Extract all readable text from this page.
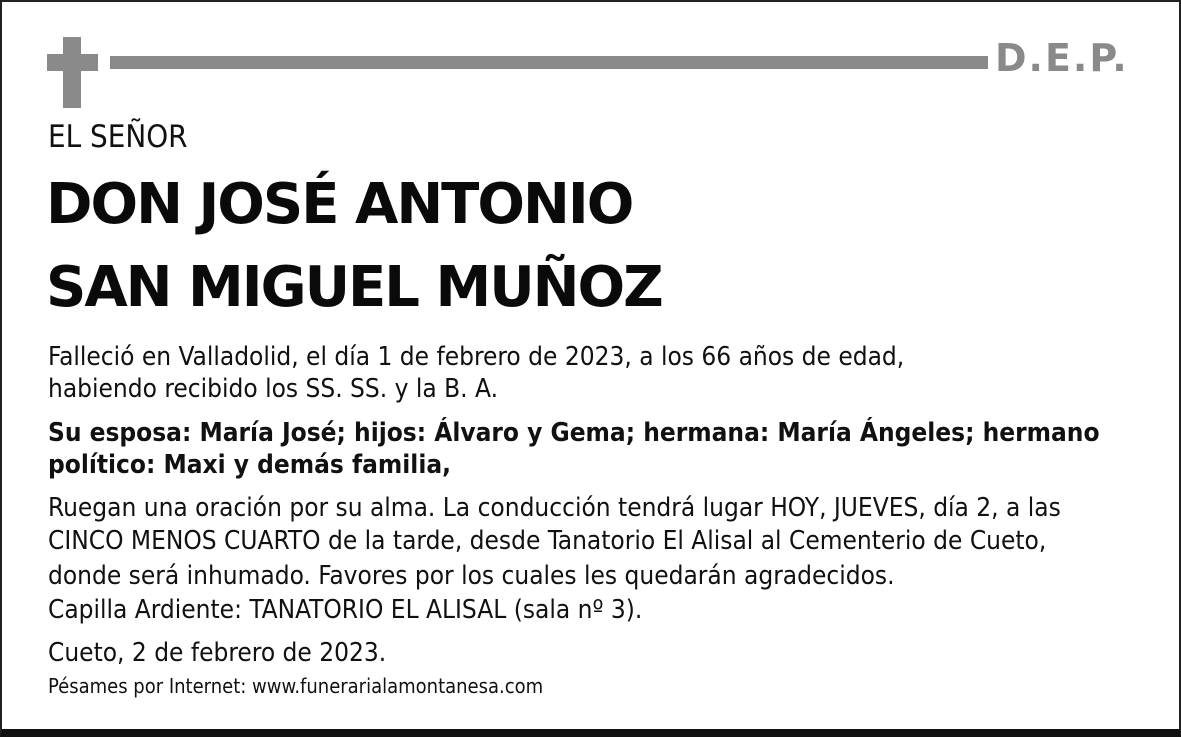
D.E.P.
EL SEÑOR
DON JOSÉ ANTONIO
SAN MIGUEL MUÑOZ
Falleció en Valladolid, el día 1 de febrero de 2023, a los 66 años de edad,
habiendo recibido los SS. SS. y la B. A.
Su esposa: María José; hijos: Álvaro y Gema; hermana: María Ángeles; hermano
político: Maxi y demás familia,
Ruegan una oración por su alma. La conducción tendrá lugar HOY, JUEVES, día 2, a las
CINCO MENOS CUARTO de la tarde, desde Tanatorio El Alisal al Cementerio de Cueto,
donde será inhumado. Favores por los cuales les quedarán agradecidos.
Capilla Ardiente: TANATORIO EL ALISAL (sala nº 3).
Cueto, 2 de febrero de 2023.
Pésames por Internet: www.funerarialamontanesa.com
